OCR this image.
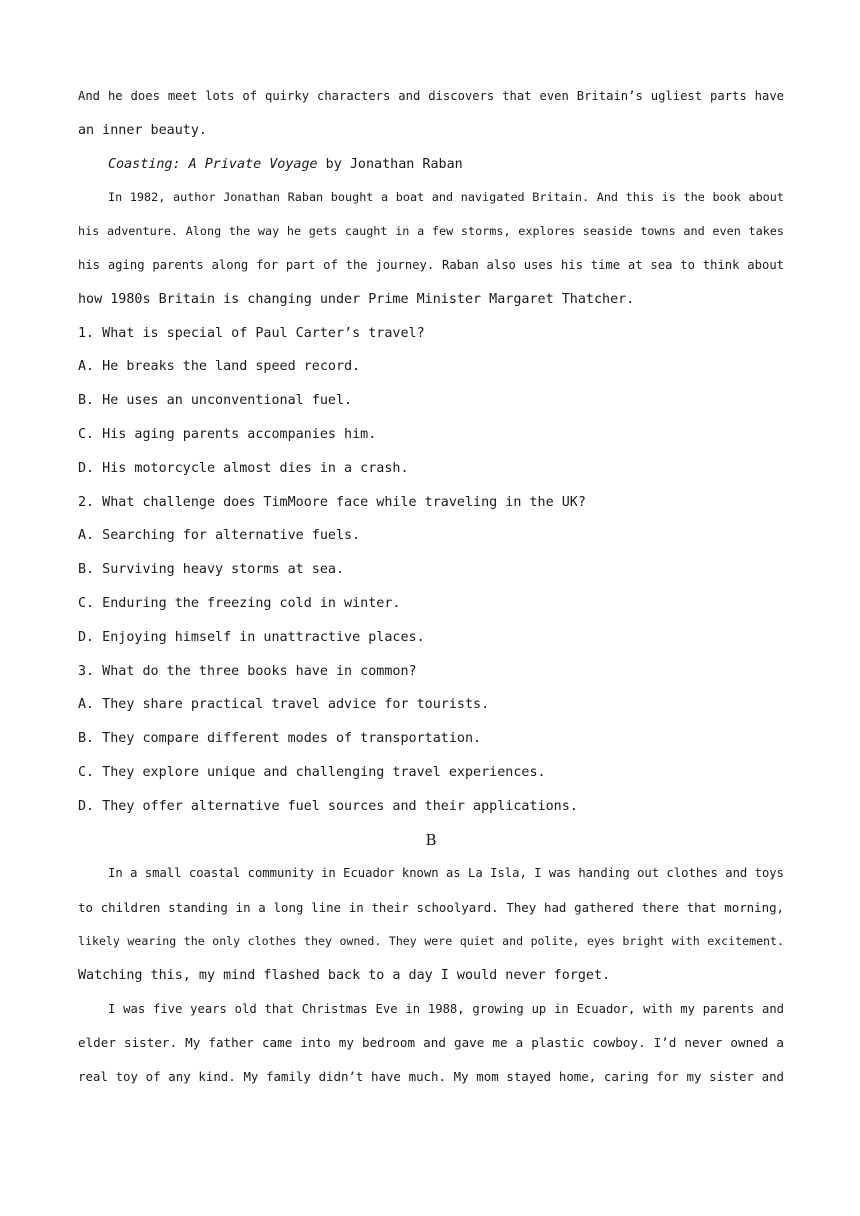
And he does meet lots of quirky characters and discovers that even Britain’s ugliest parts have
an inner beauty.
Coasting: A Private Voyage by Jonathan Raban
In 1982, author Jonathan Raban bought a boat and navigated Britain. And this is the book about
his adventure. Along the way he gets caught in a few storms, explores seaside towns and even takes
his aging parents along for part of the journey. Raban also uses his time at sea to think about
how 1980s Britain is changing under Prime Minister Margaret Thatcher.
1. What is special of Paul Carter’s travel?
A. He breaks the land speed record.
B. He uses an unconventional fuel.
C. His aging parents accompanies him.
D. His motorcycle almost dies in a crash.
2. What challenge does TimMoore face while traveling in the UK?
A. Searching for alternative fuels.
B. Surviving heavy storms at sea.
C. Enduring the freezing cold in winter.
D. Enjoying himself in unattractive places.
3. What do the three books have in common?
A. They share practical travel advice for tourists.
B. They compare different modes of transportation.
C. They explore unique and challenging travel experiences.
D. They offer alternative fuel sources and their applications.
B
In a small coastal community in Ecuador known as La Isla, I was handing out clothes and toys
to children standing in a long line in their schoolyard. They had gathered there that morning,
likely wearing the only clothes they owned. They were quiet and polite, eyes bright with excitement.
Watching this, my mind flashed back to a day I would never forget.
I was five years old that Christmas Eve in 1988, growing up in Ecuador, with my parents and
elder sister. My father came into my bedroom and gave me a plastic cowboy. I’d never owned a
real toy of any kind. My family didn’t have much. My mom stayed home, caring for my sister and
